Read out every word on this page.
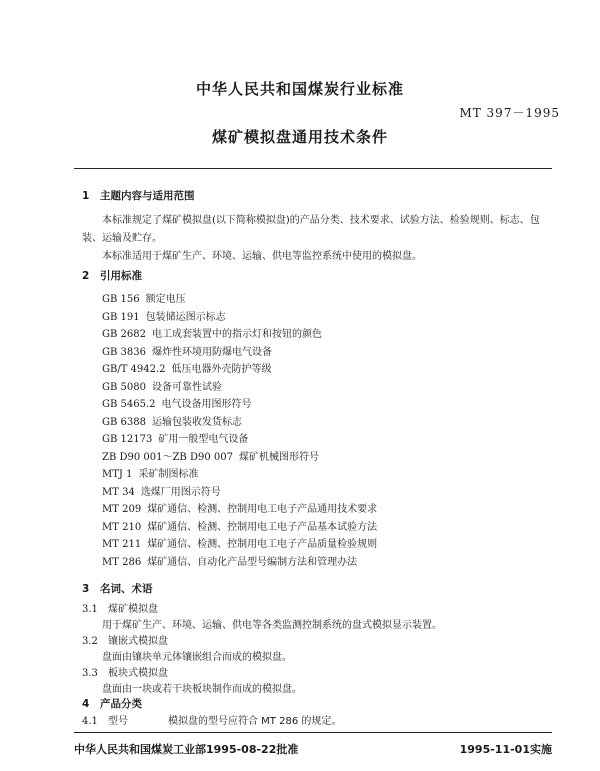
中华人民共和国煤炭行业标准
MT 397－1995
煤矿模拟盘通用技术条件
1 主题内容与适用范围
本标准规定了煤矿模拟盘(以下简称模拟盘)的产品分类、技术要求、试验方法、检验规则、标志、包
装、运输及贮存。
本标准适用于煤矿生产、环境、运输、供电等监控系统中使用的模拟盘。
2 引用标准
GB 156 额定电压
GB 191 包装储运图示标志
GB 2682 电工成套装置中的指示灯和按钮的颜色
GB 3836 爆炸性环境用防爆电气设备
GB/T 4942.2 低压电器外壳防护等级
GB 5080 设备可靠性试验
GB 5465.2 电气设备用图形符号
GB 6388 运输包装收发货标志
GB 12173 矿用一般型电气设备
ZB D90 001～ZB D90 007 煤矿机械图形符号
MTJ 1 采矿制图标准
MT 34 选煤厂用图示符号
MT 209 煤矿通信、检测、控制用电工电子产品通用技术要求
MT 210 煤矿通信、检测、控制用电工电子产品基本试验方法
MT 211 煤矿通信、检测、控制用电工电子产品质量检验规则
MT 286 煤矿通信、自动化产品型号编制方法和管理办法
3 名词、术语
3.1 煤矿模拟盘
用于煤矿生产、环境、运输、供电等各类监测控制系统的盘式模拟显示装置。
3.2 镶嵌式模拟盘
盘面由镶块单元体镶嵌组合而成的模拟盘。
3.3 板块式模拟盘
盘面由一块或若干块板块制作而成的模拟盘。
中华人民共和国煤炭工业部1995-08-22批准	1995-11-01实施
4 产品分类
4.1 型号	模拟盘的型号应符合 MT 286 的规定。
